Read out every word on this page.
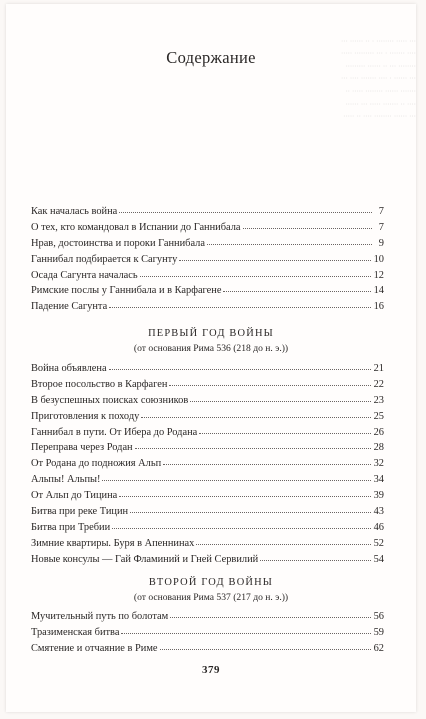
··· ····· ········ · ·· ······ ···
···· ······· · ··· ········· ·····
········ ··· ·· ······ ·········
··· ······ · ···· ······· ···· ···
······· ······ ········ ····· ··
···· ·· ······· ····· ··· ······
··· ······ ········ ···· ·· ·····

Содержание
Как началась война	7
О тех, кто командовал в Испании до Ганнибала	7
Нрав, достоинства и пороки Ганнибала	9
Ганнибал подбирается к Сагунту	10
Осада Сагунта началась	12
Римские послы у Ганнибала и в Карфагене	14
Падение Сагунта	16
ПЕРВЫЙ ГОД ВОЙНЫ
(от основания Рима 536 (218 до н. э.))
Война объявлена	21
Второе посольство в Карфаген	22
В безуспешных поисках союзников	23
Приготовления к походу	25
Ганнибал в пути. От Ибера до Родана	26
Переправа через Родан	28
От Родана до подножия Альп	32
Альпы! Альпы!	34
От Альп до Тицина	39
Битва при реке Тицин	43
Битва при Требии	46
Зимние квартиры. Буря в Апеннинах	52
Новые консулы — Гай Фламиний и Гней Сервилий	54
ВТОРОЙ ГОД ВОЙНЫ
(от основания Рима 537 (217 до н. э.))
Мучительный путь по болотам	56
Тразименская битва	59
Смятение и отчаяние в Риме	62
379
